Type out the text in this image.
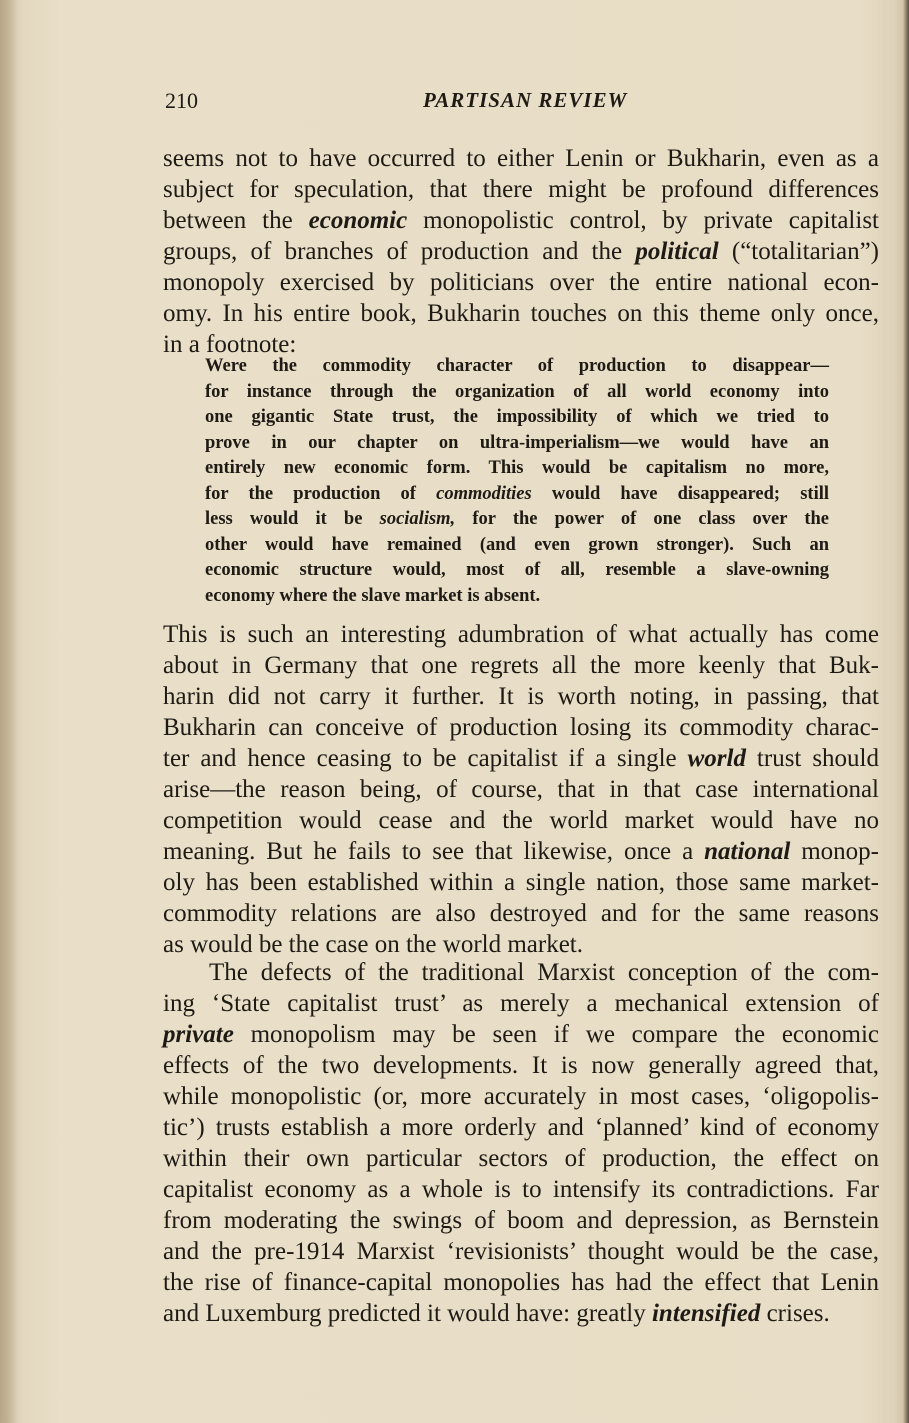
210	PARTISAN REVIEW
seems not to have occurred to either Lenin or Bukharin, even as a
subject for speculation, that there might be profound differences
between the economic monopolistic control, by private capitalist
groups, of branches of production and the political (“totalitarian”)
monopoly exercised by politicians over the entire national econ-
omy. In his entire book, Bukharin touches on this theme only once,
in a footnote:
Were the commodity character of production to disappear—
for instance through the organization of all world economy into
one gigantic State trust, the impossibility of which we tried to
prove in our chapter on ultra-imperialism—we would have an
entirely new economic form. This would be capitalism no more,
for the production of commodities would have disappeared; still
less would it be socialism, for the power of one class over the
other would have remained (and even grown stronger). Such an
economic structure would, most of all, resemble a slave-owning
economy where the slave market is absent.
This is such an interesting adumbration of what actually has come
about in Germany that one regrets all the more keenly that Buk-
harin did not carry it further. It is worth noting, in passing, that
Bukharin can conceive of production losing its commodity charac-
ter and hence ceasing to be capitalist if a single world trust should
arise—the reason being, of course, that in that case international
competition would cease and the world market would have no
meaning. But he fails to see that likewise, once a national monop-
oly has been established within a single nation, those same market-
commodity relations are also destroyed and for the same reasons
as would be the case on the world market.
The defects of the traditional Marxist conception of the com-
ing ‘State capitalist trust’ as merely a mechanical extension of
private monopolism may be seen if we compare the economic
effects of the two developments. It is now generally agreed that,
while monopolistic (or, more accurately in most cases, ‘oligopolis-
tic’) trusts establish a more orderly and ‘planned’ kind of economy
within their own particular sectors of production, the effect on
capitalist economy as a whole is to intensify its contradictions. Far
from moderating the swings of boom and depression, as Bernstein
and the pre-1914 Marxist ‘revisionists’ thought would be the case,
the rise of finance-capital monopolies has had the effect that Lenin
and Luxemburg predicted it would have: greatly intensified crises.
